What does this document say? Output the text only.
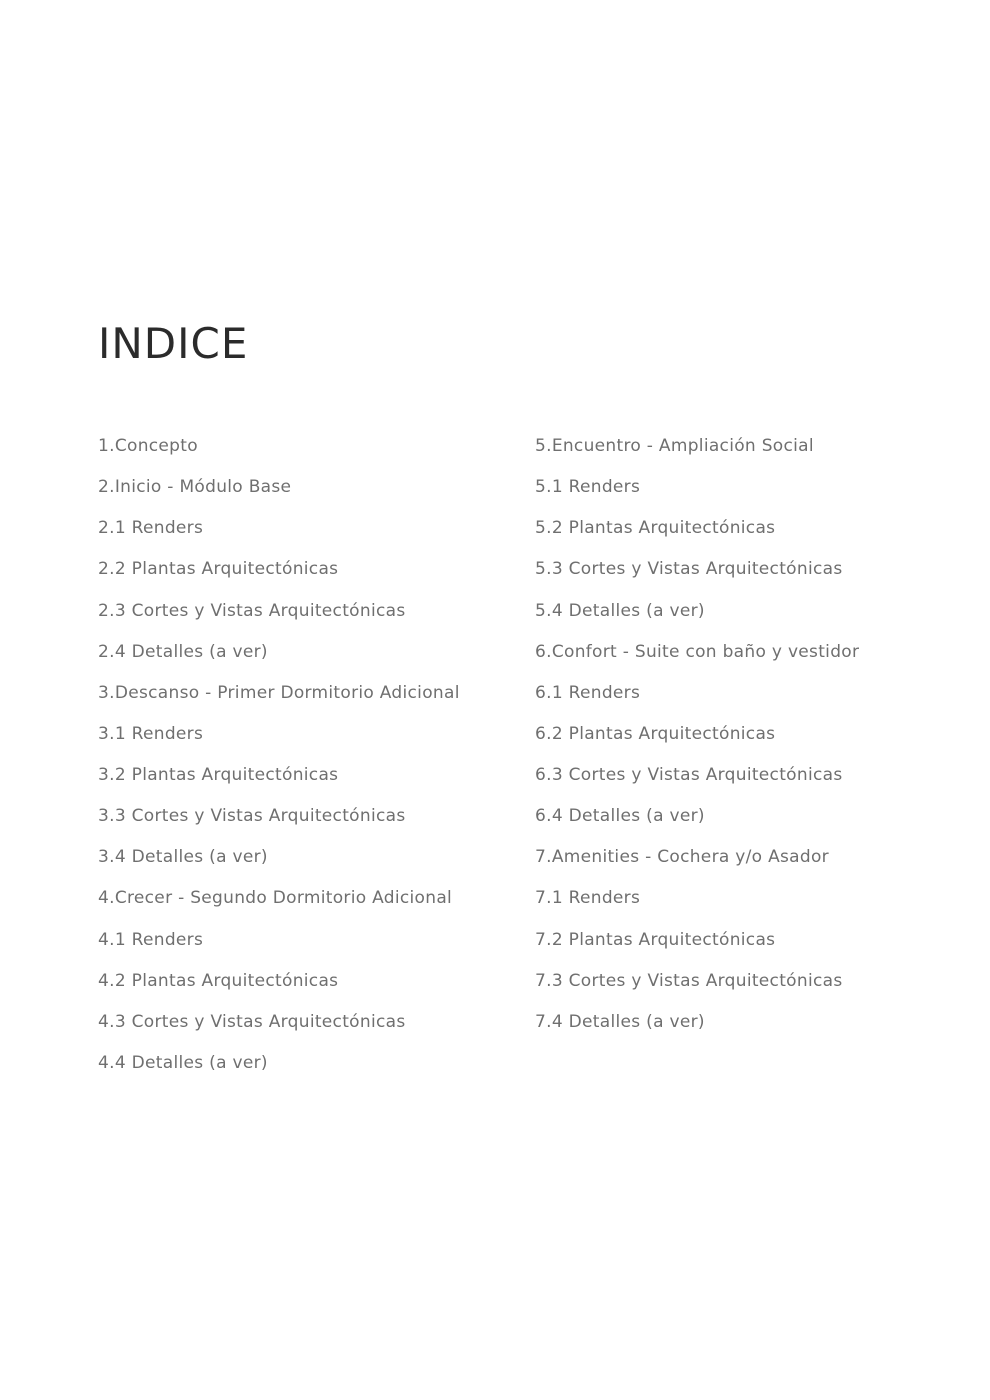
INDICE
1.Concepto
2.Inicio - Módulo Base
2.1 Renders
2.2 Plantas Arquitectónicas
2.3 Cortes y Vistas Arquitectónicas
2.4 Detalles (a ver)
3.Descanso - Primer Dormitorio Adicional
3.1 Renders
3.2 Plantas Arquitectónicas
3.3 Cortes y Vistas Arquitectónicas
3.4 Detalles (a ver)
4.Crecer - Segundo Dormitorio Adicional
4.1 Renders
4.2 Plantas Arquitectónicas
4.3 Cortes y Vistas Arquitectónicas
4.4 Detalles (a ver)
5.Encuentro - Ampliación Social
5.1 Renders
5.2 Plantas Arquitectónicas
5.3 Cortes y Vistas Arquitectónicas
5.4 Detalles (a ver)
6.Confort - Suite con baño y vestidor
6.1 Renders
6.2 Plantas Arquitectónicas
6.3 Cortes y Vistas Arquitectónicas
6.4 Detalles (a ver)
7.Amenities - Cochera y/o Asador
7.1 Renders
7.2 Plantas Arquitectónicas
7.3 Cortes y Vistas Arquitectónicas
7.4 Detalles (a ver)
